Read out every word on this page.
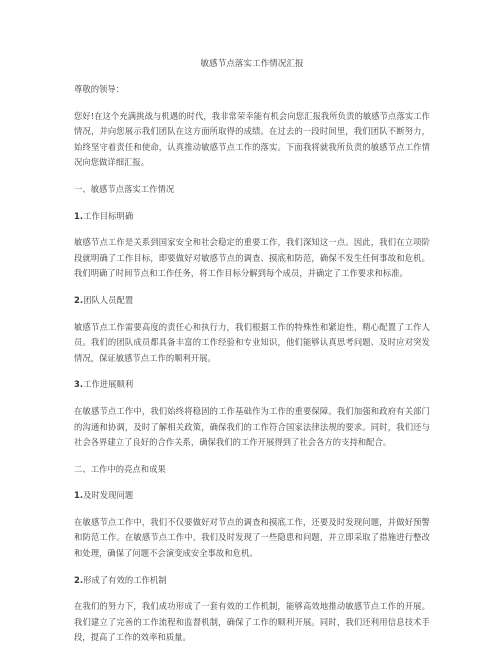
敏感节点落实工作情况汇报

尊敬的领导：

您好!在这个充满挑战与机遇的时代，我非常荣幸能有机会向您汇报我所负责的敏感节点落实工作情况，并向您展示我们团队在这方面所取得的成绩。在过去的一段时间里，我们团队不断努力，始终坚守着责任和使命，认真推动敏感节点工作的落实。下面我将就我所负责的敏感节点工作情况向您做详细汇报。

一、敏感节点落实工作情况

1.工作目标明确

敏感节点工作是关系到国家安全和社会稳定的重要工作，我们深知这一点。因此，我们在立项阶段就明确了工作目标，即要做好对敏感节点的调查、摸底和防范，确保不发生任何事故和危机。我们明确了时间节点和工作任务，将工作目标分解到每个成员，并确定了工作要求和标准。

2.团队人员配置

敏感节点工作需要高度的责任心和执行力，我们根据工作的特殊性和紧迫性，精心配置了工作人员。我们的团队成员都具备丰富的工作经验和专业知识，他们能够认真思考问题、及时应对突发情况，保证敏感节点工作的顺利开展。

3.工作进展顺利

在敏感节点工作中，我们始终将稳固的工作基础作为工作的重要保障。我们加强和政府有关部门的沟通和协调，及时了解相关政策，确保我们的工作符合国家法律法规的要求。同时，我们还与社会各界建立了良好的合作关系，确保我们的工作开展得到了社会各方的支持和配合。

二、工作中的亮点和成果

1.及时发现问题

在敏感节点工作中，我们不仅要做好对节点的调查和摸底工作，还要及时发现问题，并做好预警和防范工作。在敏感节点工作中，我们及时发现了一些隐患和问题，并立即采取了措施进行整改和处理，确保了问题不会演变成安全事故和危机。

2.形成了有效的工作机制

在我们的努力下，我们成功形成了一套有效的工作机制，能够高效地推动敏感节点工作的开展。我们建立了完善的工作流程和监督机制，确保了工作的顺利开展。同时，我们还利用信息技术手段，提高了工作的效率和质量。
